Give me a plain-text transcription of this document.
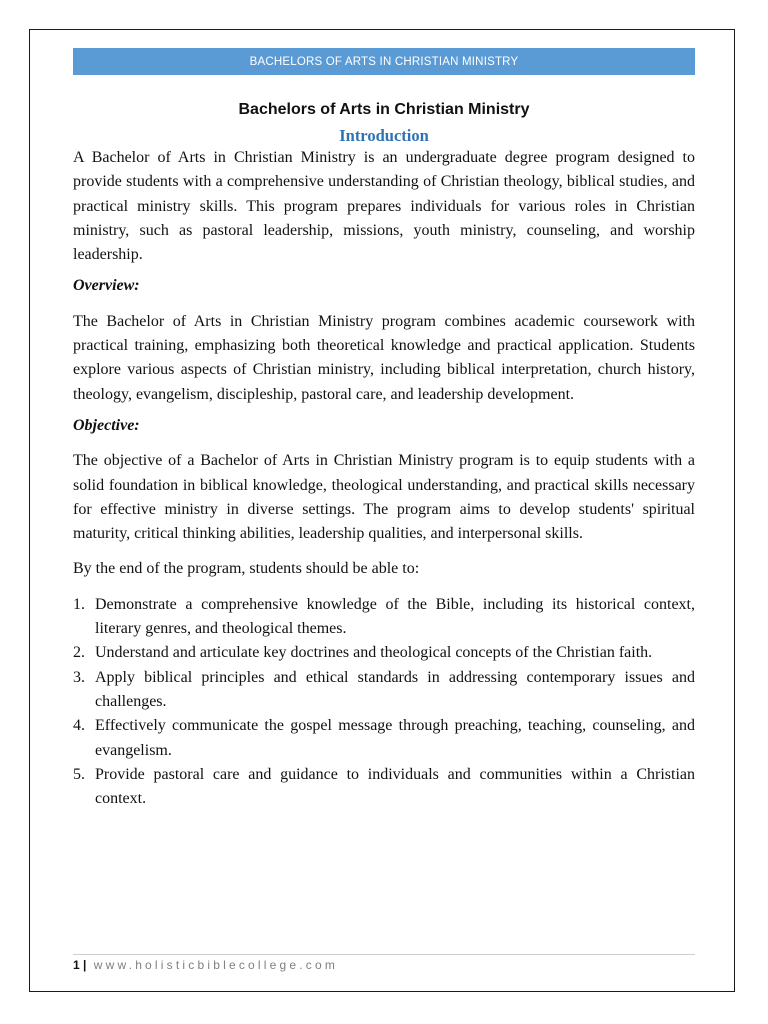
BACHELORS OF ARTS IN CHRISTIAN MINISTRY
Bachelors of Arts in Christian Ministry
Introduction

A Bachelor of Arts in Christian Ministry is an undergraduate degree program designed to provide students with a comprehensive understanding of Christian theology, biblical studies, and practical ministry skills. This program prepares individuals for various roles in Christian ministry, such as pastoral leadership, missions, youth ministry, counseling, and worship leadership.

Overview:

The Bachelor of Arts in Christian Ministry program combines academic coursework with practical training, emphasizing both theoretical knowledge and practical application. Students explore various aspects of Christian ministry, including biblical interpretation, church history, theology, evangelism, discipleship, pastoral care, and leadership development.

Objective:

The objective of a Bachelor of Arts in Christian Ministry program is to equip students with a solid foundation in biblical knowledge, theological understanding, and practical skills necessary for effective ministry in diverse settings. The program aims to develop students' spiritual maturity, critical thinking abilities, leadership qualities, and interpersonal skills.

By the end of the program, students should be able to:

1. Demonstrate a comprehensive knowledge of the Bible, including its historical context, literary genres, and theological themes.
2. Understand and articulate key doctrines and theological concepts of the Christian faith.
3. Apply biblical principles and ethical standards in addressing contemporary issues and challenges.
4. Effectively communicate the gospel message through preaching, teaching, counseling, and evangelism.
5. Provide pastoral care and guidance to individuals and communities within a Christian context.
1 | www.holisticbiblecollege.com
